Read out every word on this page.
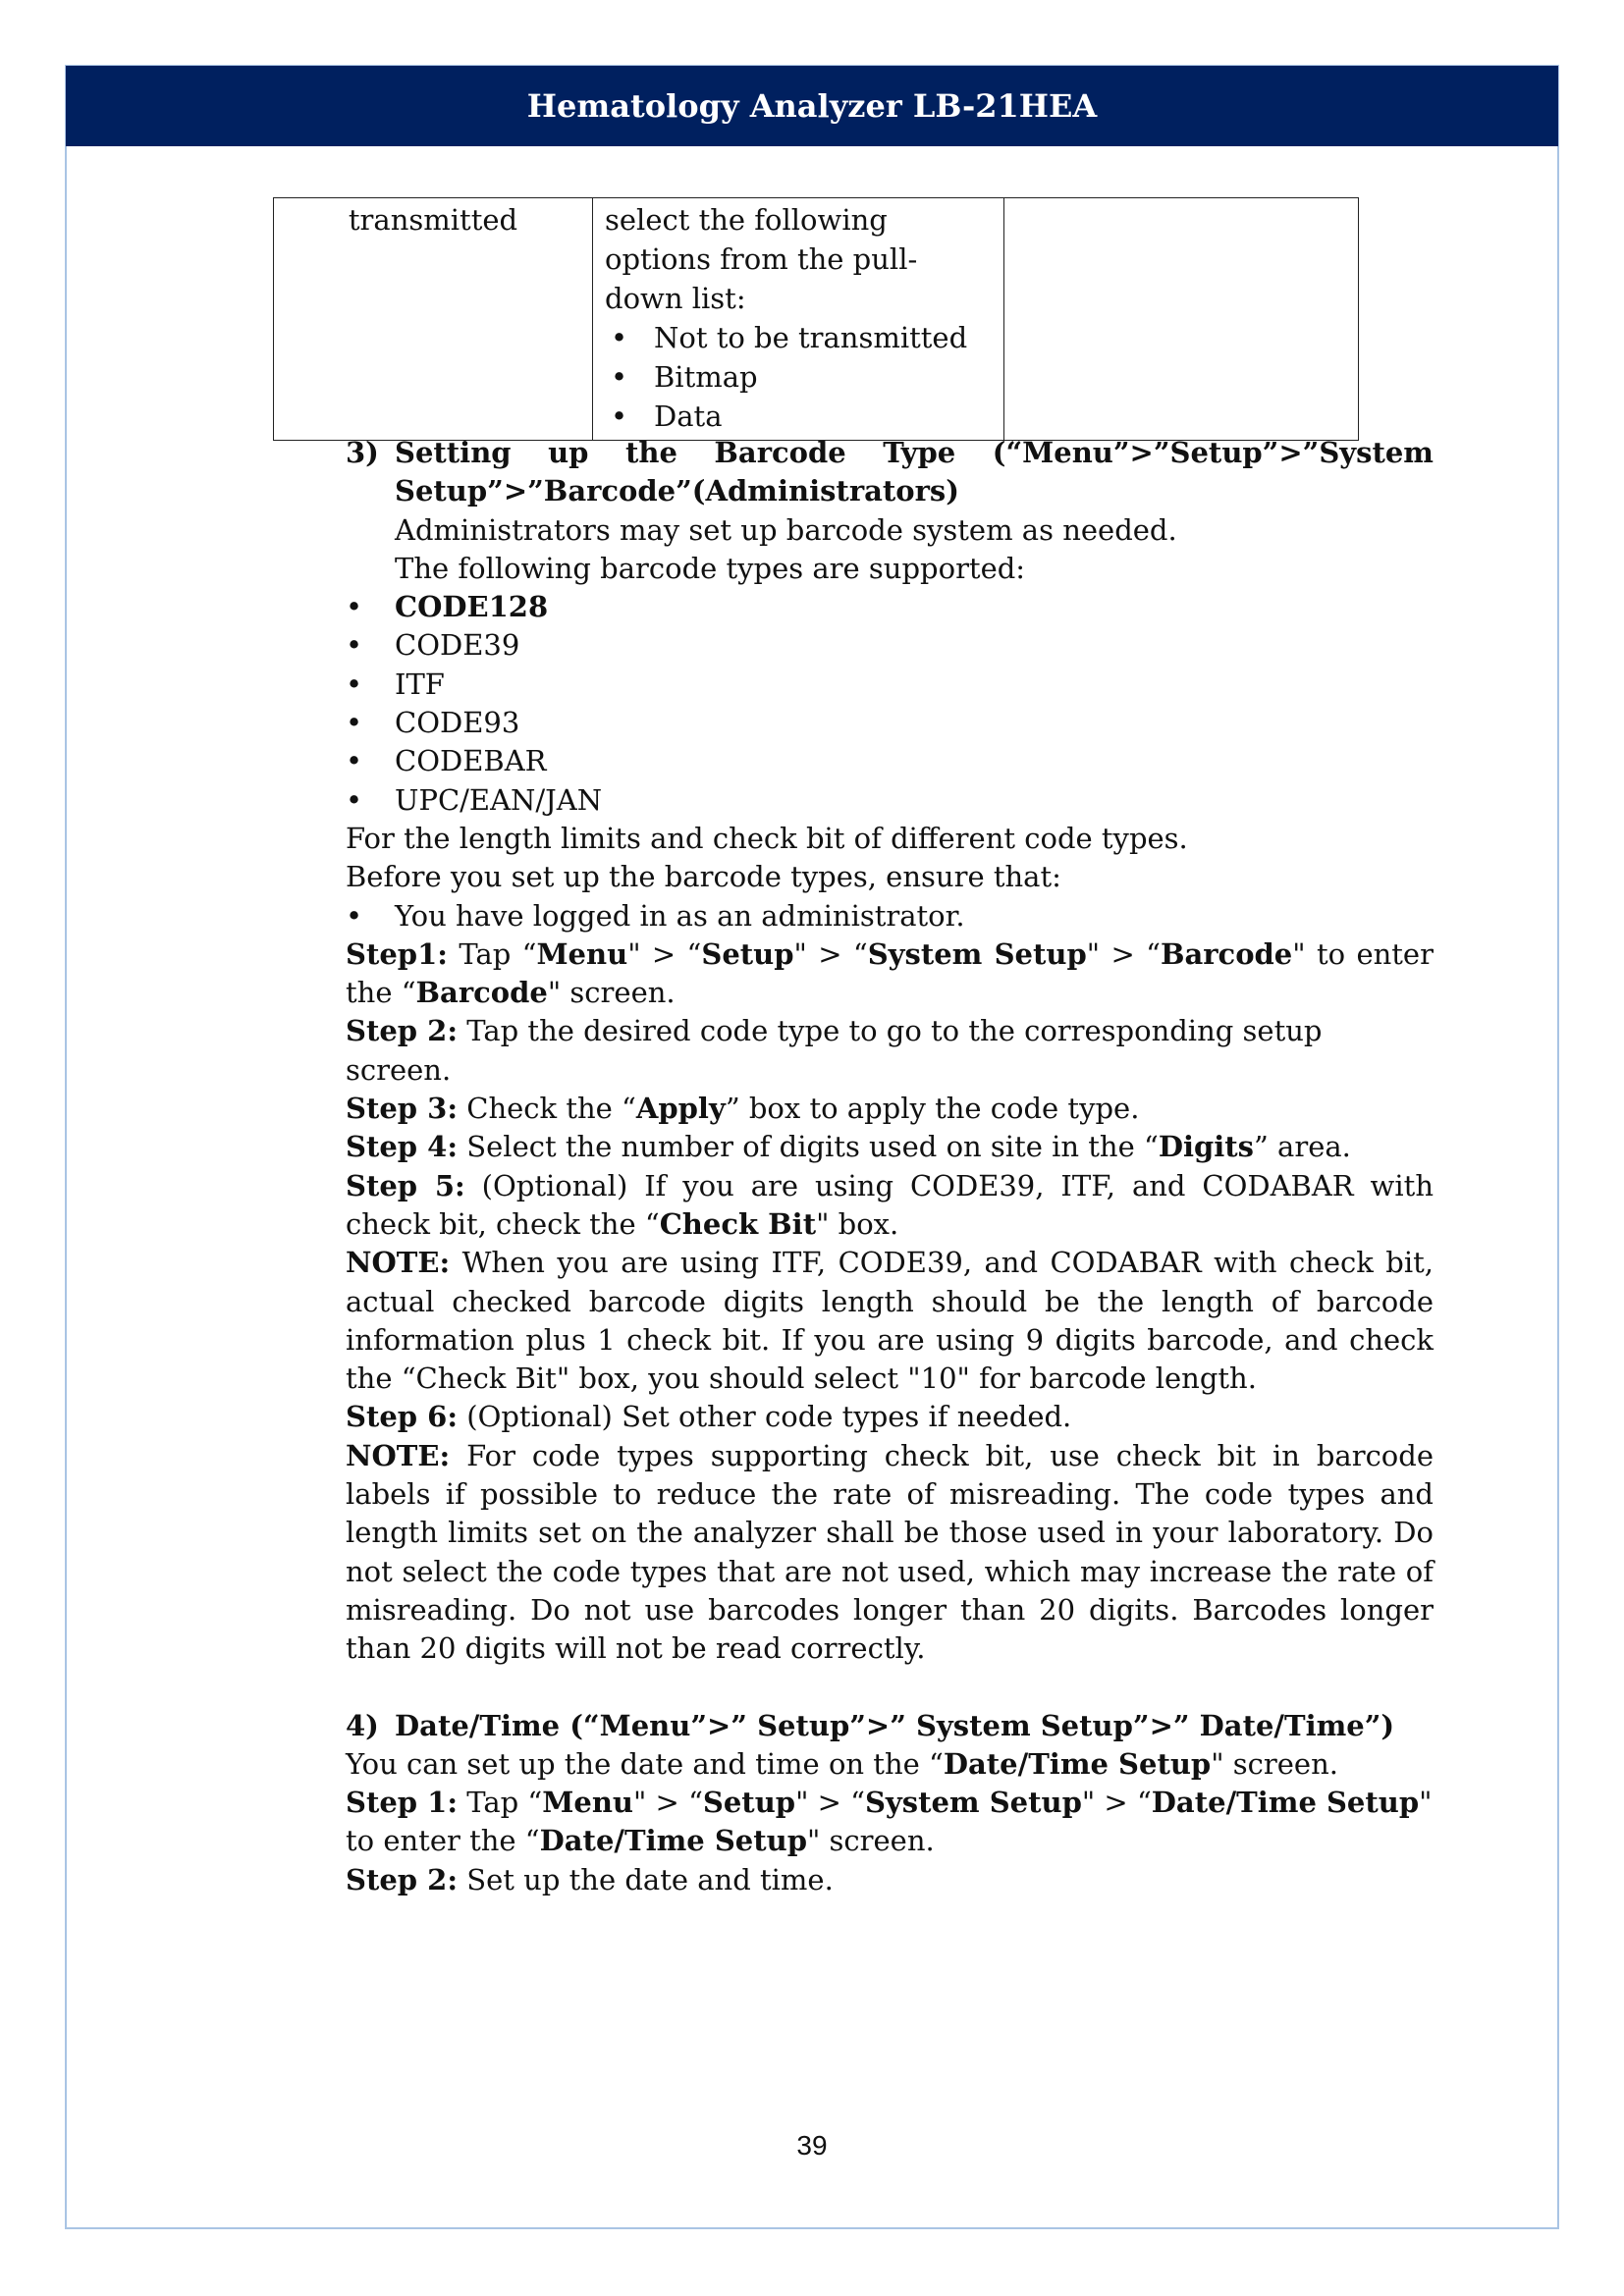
Hematology Analyzer LB-21HEA
transmitted	select the following options from the pull-down list:
• Not to be transmitted
• Bitmap
• Data

3) Setting up the Barcode Type (“Menu”>”Setup”>”System Setup”>”Barcode”(Administrators)

Administrators may set up barcode system as needed.

The following barcode types are supported:

• CODE128
• CODE39
• ITF
• CODE93
• CODEBAR
• UPC/EAN/JAN

For the length limits and check bit of different code types.

Before you set up the barcode types, ensure that:

• You have logged in as an administrator.

Step1: Tap “Menu" > “Setup" > “System Setup" > “Barcode" to enter the “Barcode" screen.

Step 2: Tap the desired code type to go to the corresponding setup screen.

Step 3: Check the “Apply” box to apply the code type.

Step 4: Select the number of digits used on site in the “Digits” area.

Step 5: (Optional) If you are using CODE39, ITF, and CODABAR with check bit, check the “Check Bit" box.

NOTE: When you are using ITF, CODE39, and CODABAR with check bit, actual checked barcode digits length should be the length of barcode information plus 1 check bit. If you are using 9 digits barcode, and check the “Check Bit" box, you should select "10" for barcode length.

Step 6: (Optional) Set other code types if needed.

NOTE: For code types supporting check bit, use check bit in barcode labels if possible to reduce the rate of misreading. The code types and length limits set on the analyzer shall be those used in your laboratory. Do not select the code types that are not used, which may increase the rate of misreading. Do not use barcodes longer than 20 digits. Barcodes longer than 20 digits will not be read correctly.

4) Date/Time (“Menu”>” Setup”>” System Setup”>” Date/Time”)

You can set up the date and time on the “Date/Time Setup" screen.

Step 1: Tap “Menu" > “Setup" > “System Setup" > “Date/Time Setup" to enter the “Date/Time Setup" screen.

Step 2: Set up the date and time.

39
